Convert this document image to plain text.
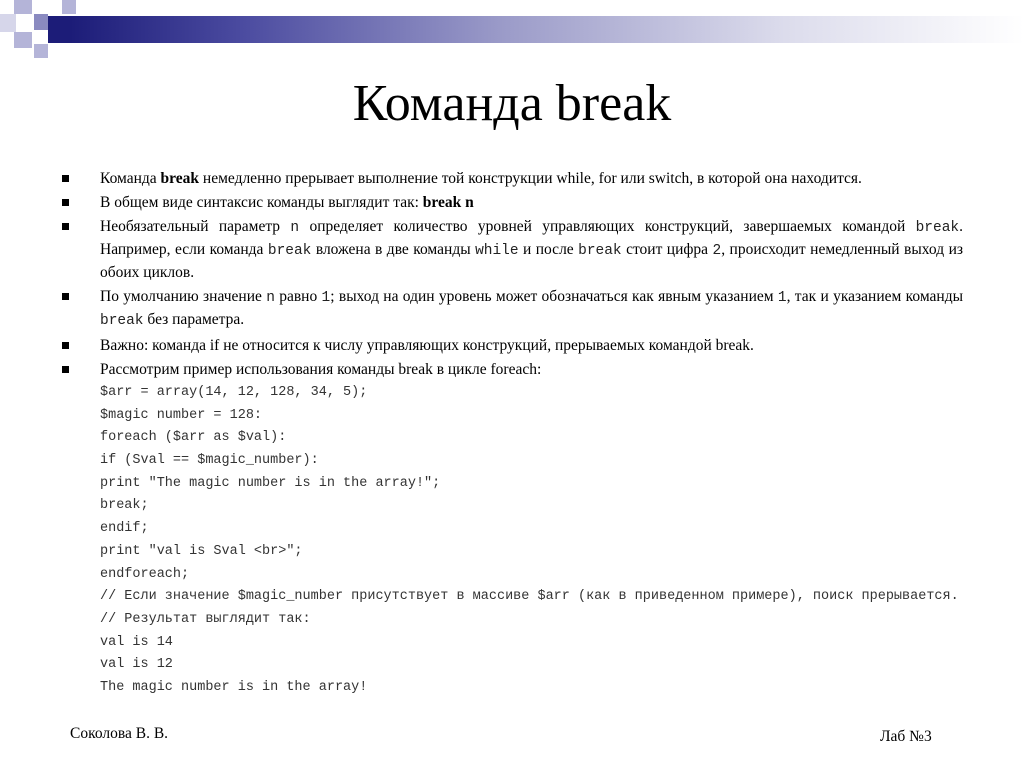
Команда break
Команда break немедленно прерывает выполнение той конструкции while, for или switch, в которой она находится.
В общем виде синтаксис команды выглядит так: break n
Необязательный параметр n определяет количество уровней управляющих конструкций, завершаемых командой break. Например, если команда break вложена в две команды while и после break стоит цифра 2, происходит немедленный выход из обоих циклов.
По умолчанию значение n равно 1; выход на один уровень может обозначаться как явным указанием 1, так и указанием команды break без параметра.
Важно: команда if не относится к числу управляющих конструкций, прерываемых командой break.
Рассмотрим пример использования команды break в цикле foreach:
$arr = array(14, 12, 128, 34, 5);
$magic number = 128:
foreach ($arr as $val):
if (Sval == $magic_number):
print "The magic number is in the array!";
break;
endif;
print "val is Sval <br>";
endforeach;
// Если значение $magic_number присутствует в массиве $arr (как в приведенном примере), поиск прерывается.
// Результат выглядит так:
val is 14
val is 12
The magic number is in the array!
Соколова В. В.	Лаб №3
